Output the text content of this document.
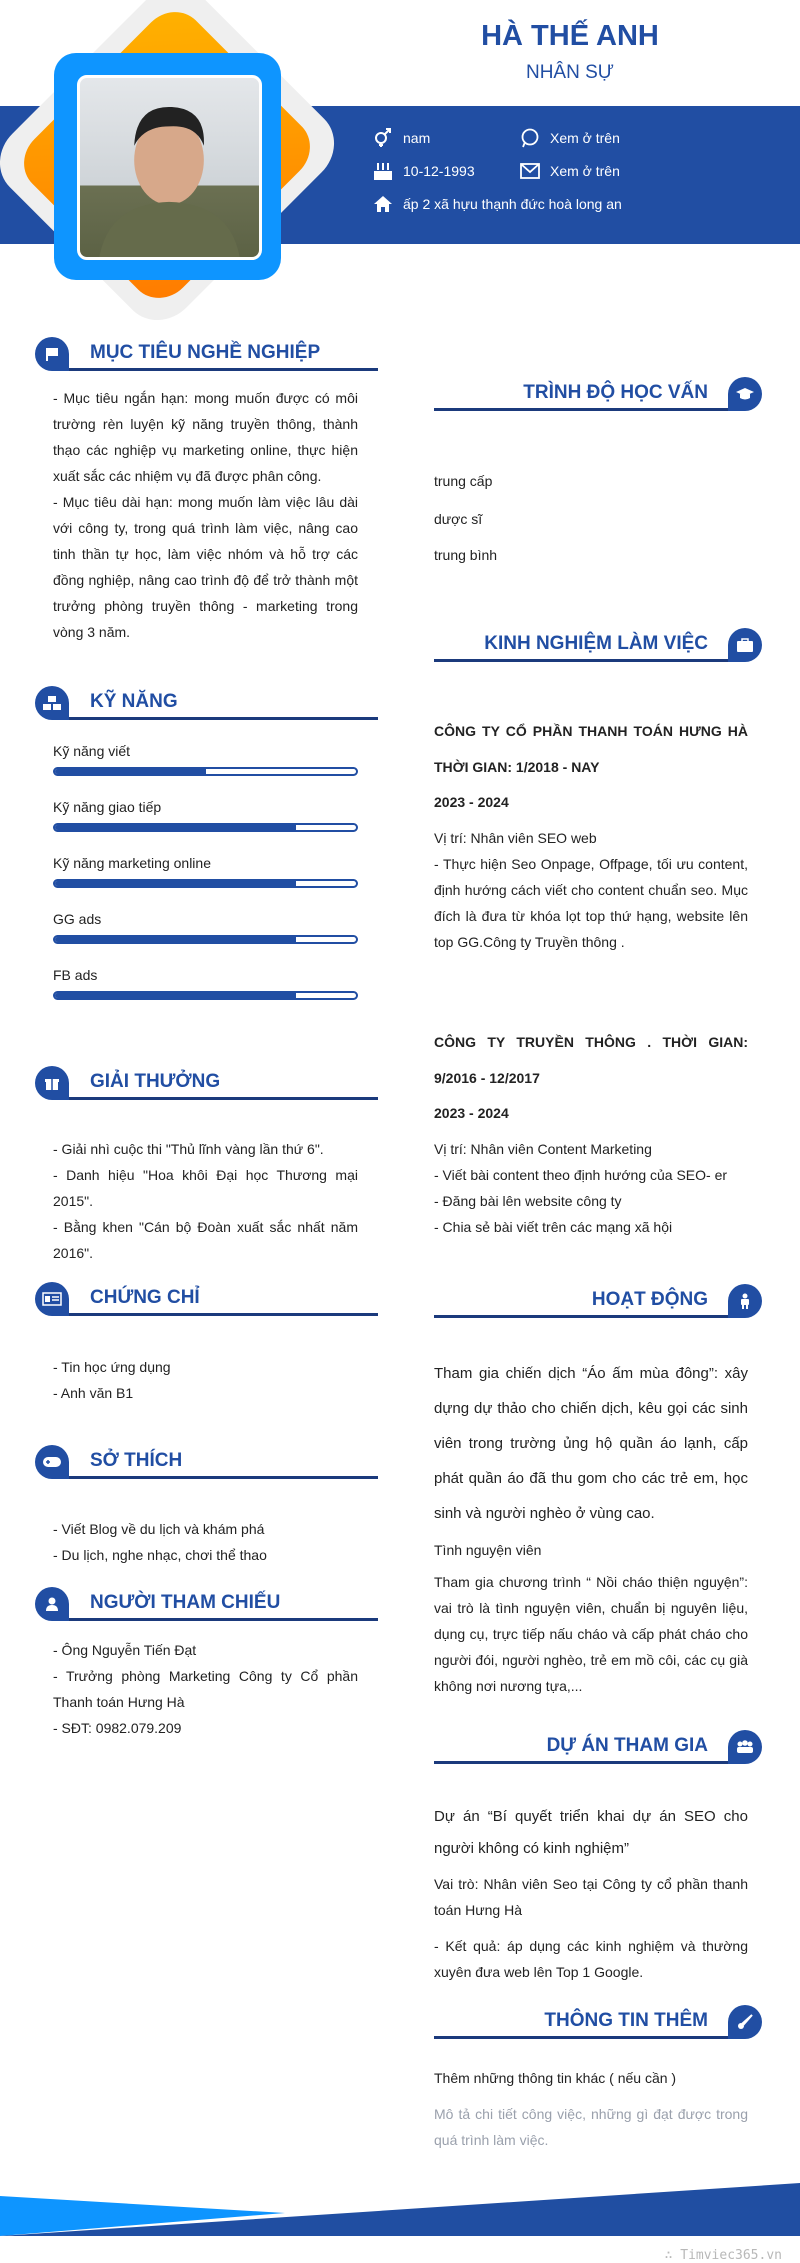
HÀ THẾ ANH
NHÂN SỰ
nam	Xem ở trên
10-12-1993	Xem ở trên
ấp 2 xã hựu thạnh đức hoà long an
MỤC TIÊU NGHỀ NGHIỆP
- Mục tiêu ngắn hạn: mong muốn được có môi trường rèn luyện kỹ năng truyền thông, thành thạo các nghiệp vụ marketing online, thực hiện xuất sắc các nhiệm vụ đã được phân công.
- Mục tiêu dài hạn: mong muốn làm việc lâu dài với công ty, trong quá trình làm việc, nâng cao tinh thần tự học, làm việc nhóm và hỗ trợ các đồng nghiệp, nâng cao trình độ để trở thành một trưởng phòng truyền thông - marketing trong vòng 3 năm.
KỸ NĂNG
Kỹ năng viết
Kỹ năng giao tiếp
Kỹ năng marketing online
GG ads
FB ads
GIẢI THƯỞNG
- Giải nhì cuộc thi "Thủ lĩnh vàng lần thứ 6".
- Danh hiệu "Hoa khôi Đại học Thương mại 2015".
- Bằng khen "Cán bộ Đoàn xuất sắc nhất năm 2016".
CHỨNG CHỈ
- Tin học ứng dụng
- Anh văn B1
SỞ THÍCH
- Viết Blog về du lịch và khám phá
- Du lịch, nghe nhạc, chơi thể thao
NGƯỜI THAM CHIẾU
- Ông Nguyễn Tiến Đạt
- Trưởng phòng Marketing Công ty Cổ phần Thanh toán Hưng Hà
- SĐT: 0982.079.209
TRÌNH ĐỘ HỌC VẤN
trung cấp
dược sĩ
trung bình
KINH NGHIỆM LÀM VIỆC
CÔNG TY CỔ PHẦN THANH TOÁN HƯNG HÀ THỜI GIAN: 1/2018 - NAY
2023 - 2024
Vị trí: Nhân viên SEO web
- Thực hiện Seo Onpage, Offpage, tối ưu content, định hướng cách viết cho content chuẩn seo. Mục đích là đưa từ khóa lọt top thứ hạng, website lên top GG.Công ty Truyền thông .
CÔNG TY TRUYỀN THÔNG . THỜI GIAN: 9/2016 - 12/2017
2023 - 2024
Vị trí: Nhân viên Content Marketing
- Viết bài content theo định hướng của SEO- er
- Đăng bài lên website công ty
- Chia sẻ bài viết trên các mạng xã hội
HOẠT ĐỘNG
Tham gia chiến dịch “Áo ấm mùa đông”: xây dựng dự thảo cho chiến dịch, kêu gọi các sinh viên trong trường ủng hộ quần áo lạnh, cấp phát quần áo đã thu gom cho các trẻ em, học sinh và người nghèo ở vùng cao.
Tình nguyện viên
Tham gia chương trình “ Nồi cháo thiện nguyện”: vai trò là tình nguyện viên, chuẩn bị nguyên liệu, dụng cụ, trực tiếp nấu cháo và cấp phát cháo cho người đói, người nghèo, trẻ em mồ côi, các cụ già không nơi nương tựa,...
DỰ ÁN THAM GIA
Dự án “Bí quyết triển khai dự án SEO cho người không có kinh nghiệm”
Vai trò: Nhân viên Seo tại Công ty cổ phần thanh toán Hưng Hà
- Kết quả: áp dụng các kinh nghiệm và thường xuyên đưa web lên Top 1 Google.
THÔNG TIN THÊM
Thêm những thông tin khác ( nếu cần )
Mô tả chi tiết công việc, những gì đạt được trong quá trình làm việc.
∴ Timviec365.vn
